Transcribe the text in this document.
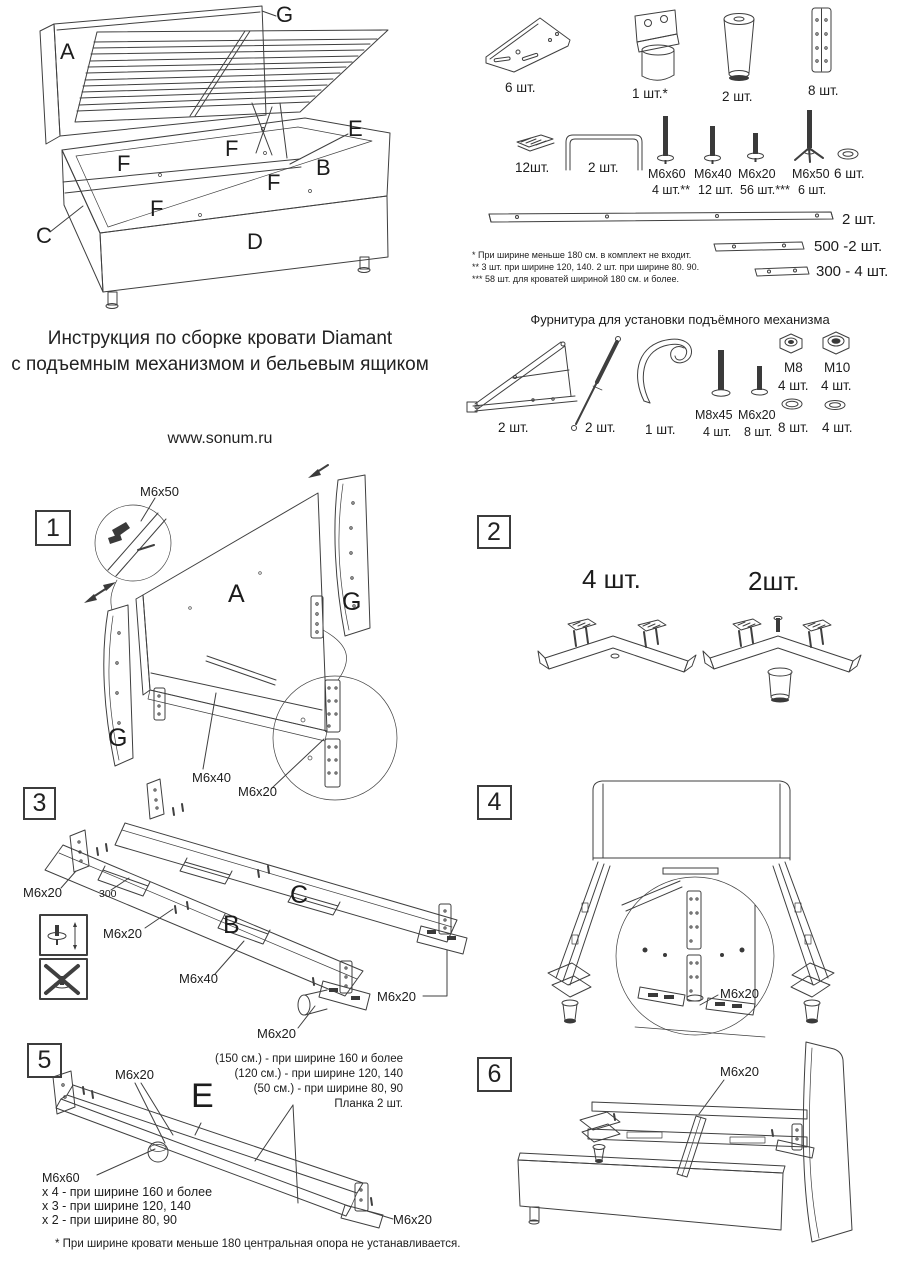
A
G
E
B
C	D
F
F
F
F
Инструкция по сборке кровати Diamant
с подъемным механизмом и бельевым ящиком
www.sonum.ru
6 шт.	1 шт.*	2 шт.	8 шт.
12шт.	2 шт. M6x60
4 шт.**
M6x40
12 шт.
M6x20
56 шт.***
M6x50
6 шт.
6 шт.
2 шт.
500 -2 шт.
300 - 4 шт.
* При ширине меньше 180 см. в комплект не входит.
** 3 шт. при ширине 120, 140. 2 шт. при ширине 80. 90.
*** 58 шт. для кроватей шириной 180 см. и более.
Фурнитура для установки подъёмного механизма
2 шт.	2 шт. 1 шт.
M8x45
4 шт.
M6x20
8 шт.
M8
4 шт.
M10
4 шт.
8 шт. 4 шт.
1
M6x50
A	G
G
M6x40
M6x20
2
4 шт.	2шт.
3
M6x20	300
M6x20	B
C
M6x40
M6x20
M6x20
4
M6x20
5
M6x20
E
(150 см.) - при ширине 160 и более
(120 см.) - при ширине 120, 140
(50 см.) - при ширине 80, 90
Планка 2 шт.
M6x60
x 4 - при ширине 160 и более
x 3 - при ширине 120, 140
x 2 - при ширине 80, 90	M6x20
* При ширине кровати меньше 180 центральная опора не устанавливается.
6	M6x20
